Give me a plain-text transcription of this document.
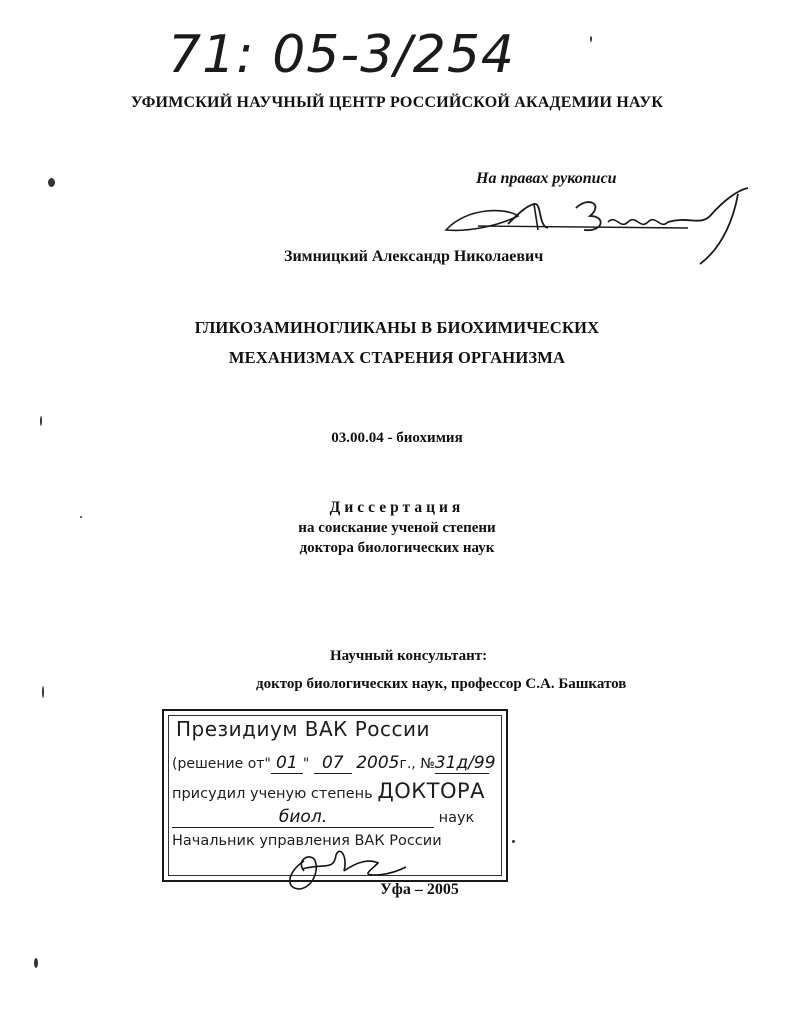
71: 05-3/254
УФИМСКИЙ НАУЧНЫЙ ЦЕНТР РОССИЙСКОЙ АКАДЕМИИ НАУК
На правах рукописи
Зимницкий Александр Николаевич
ГЛИКОЗАМИНОГЛИКАНЫ В БИОХИМИЧЕСКИХ
МЕХАНИЗМАХ СТАРЕНИЯ ОРГАНИЗМА
03.00.04 - биохимия
Диссертация
на соискание ученой степени
доктора биологических наук
Научный консультант:
доктор биологических наук, профессор С.А. Башкатов
Президиум ВАК России
(решение от" 01 " 07 2005г., №31д/99
присудил ученую степень ДОКТОРА
биол.	наук
Начальник управления ВАК России
Уфа – 2005
